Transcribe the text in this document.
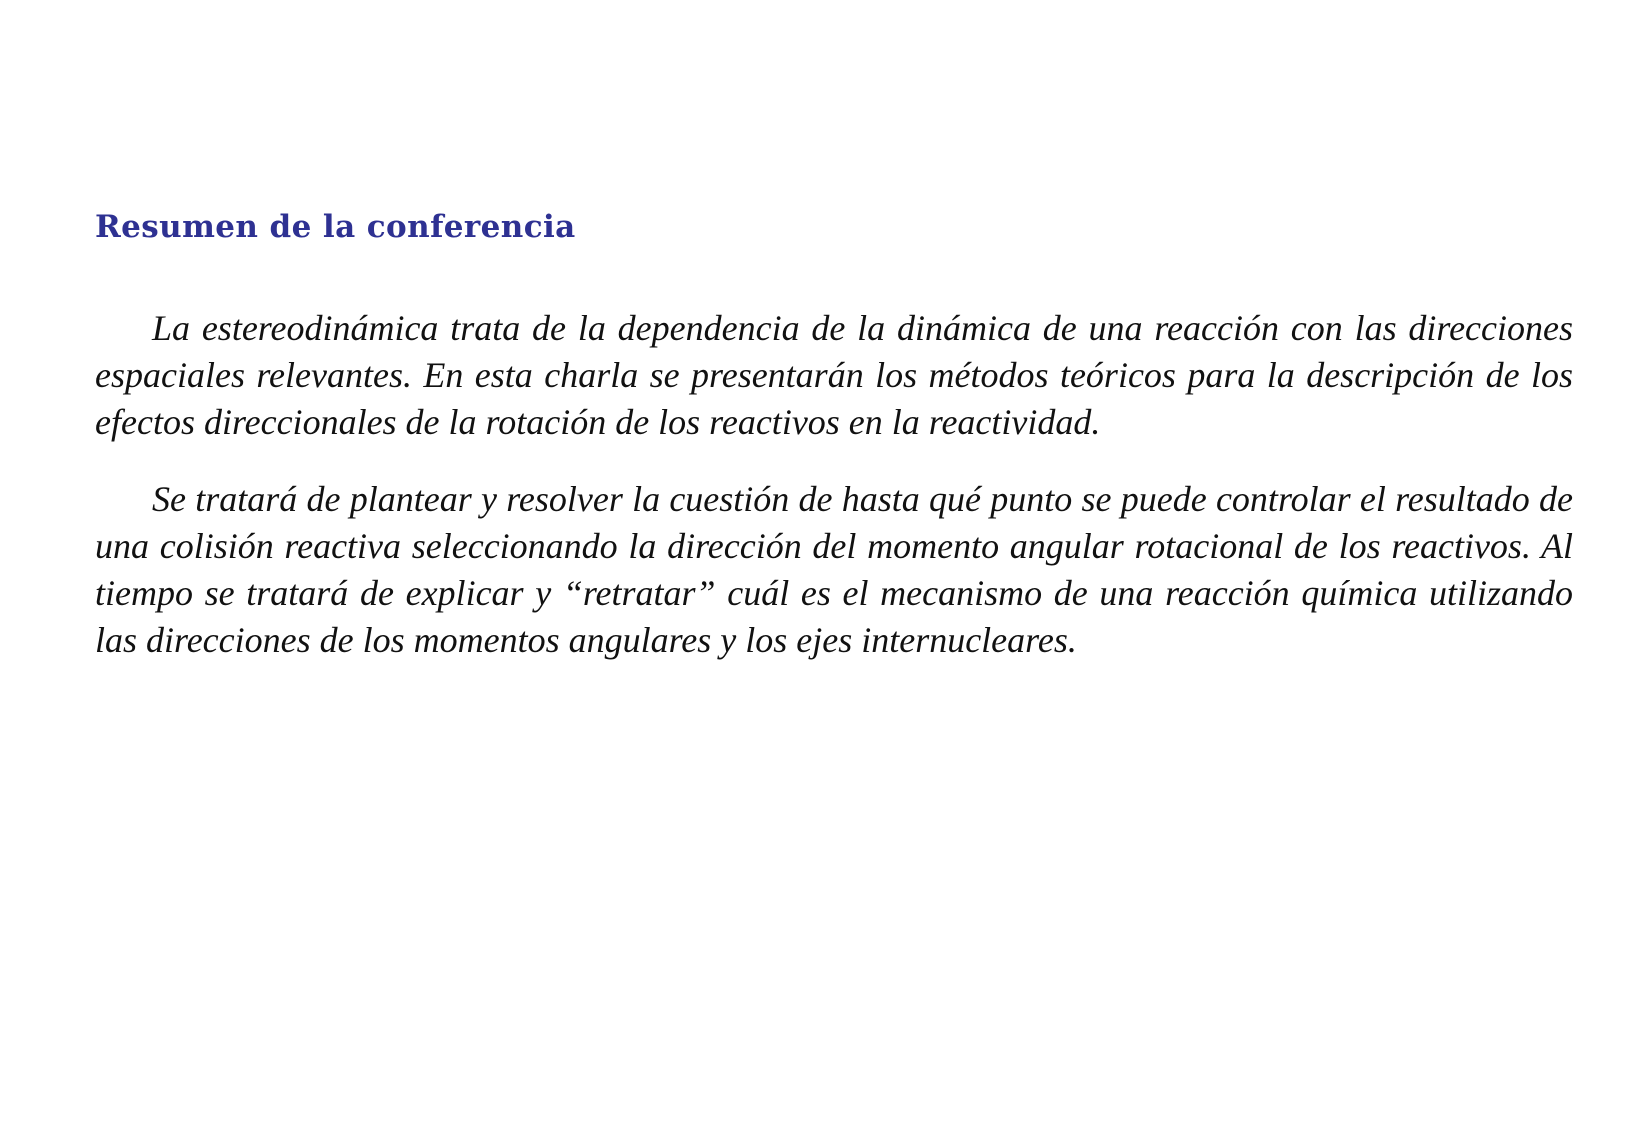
Resumen de la conferencia

La estereodinámica trata de la dependencia de la dinámica de una reacción con las direcciones espaciales relevantes. En esta charla se presentarán los métodos teóricos para la descripción de los efectos direccionales de la rotación de los reactivos en la reactividad.

Se tratará de plantear y resolver la cuestión de hasta qué punto se puede controlar el resultado de una colisión reactiva seleccionando la dirección del momento angular rotacional de los reactivos. Al tiempo se tratará de explicar y “retratar” cuál es el mecanismo de una reacción química utilizando las direcciones de los momentos angulares y los ejes internucleares.
